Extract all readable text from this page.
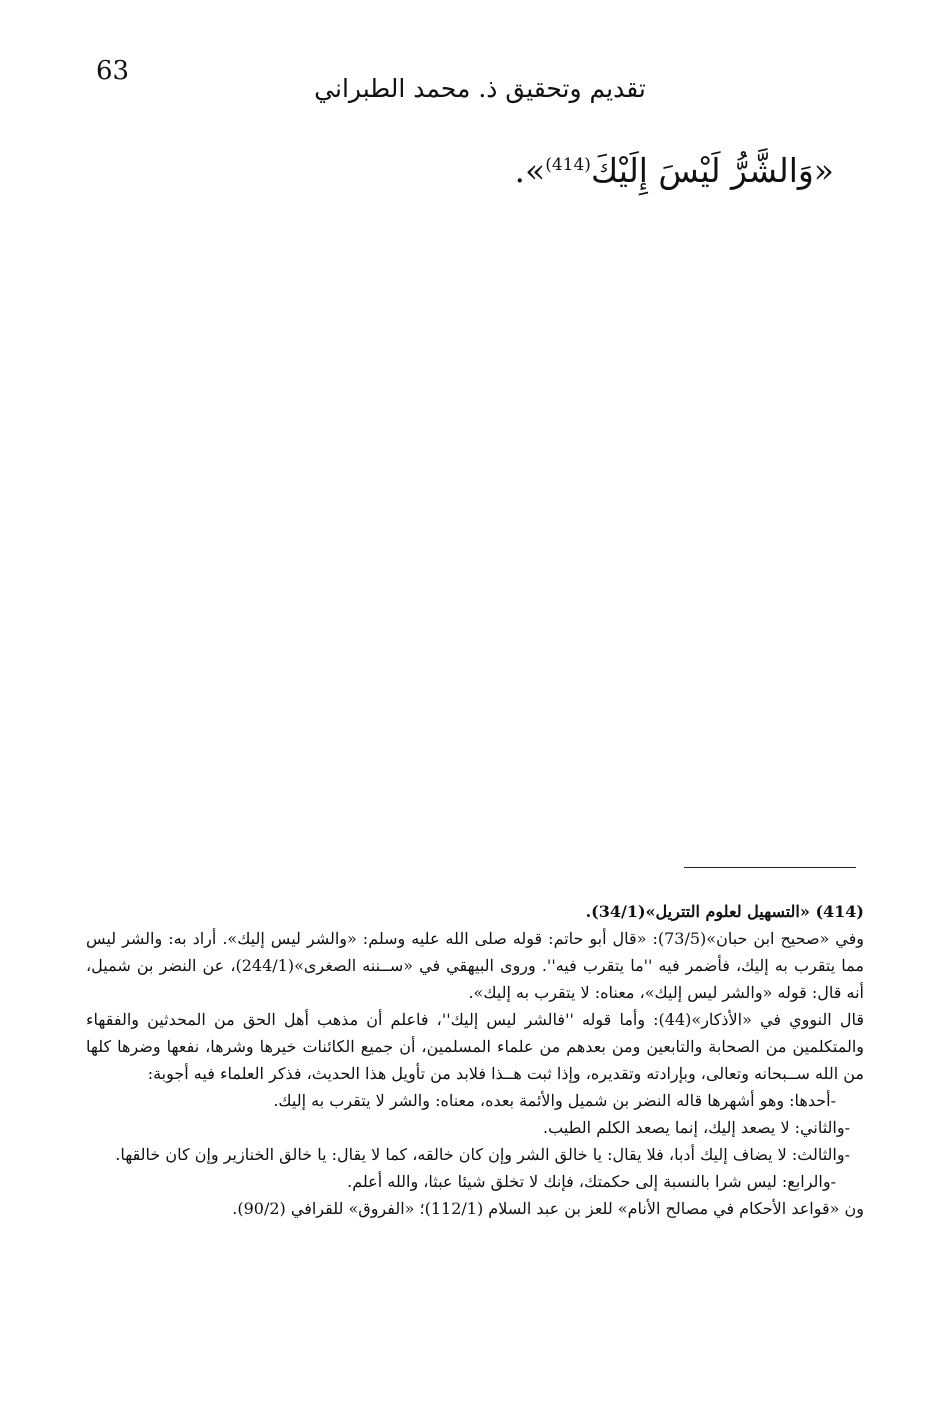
63
تقديم وتحقيق ذ. محمد الطبراني
«وَالشَّرُّ لَيْسَ إِلَيْكَ$^{(414)}$».

(414) «التسهيل لعلوم التتريل»(34/1).

وفي «صحيح ابن حبان»(73/5): «قال أبو حاتم: قوله صلى الله عليه وسلم: «والشر ليس إليك». أراد به: والشر ليس مما يتقرب به إليك، فأضمر فيه ''ما يتقرب فيه''. وروى البيهقي في «ســننه الصغرى»(244/1)، عن النضر بن شميل، أنه قال: قوله «والشر ليس إليك»، معناه: لا يتقرب به إليك».

قال النووي في «الأذكار»(44): وأما قوله ''فالشر ليس إليك''، فاعلم أن مذهب أهل الحق من المحدثين والفقهاء والمتكلمين من الصحابة والتابعين ومن بعدهم من علماء المسلمين، أن جميع الكائنات خيرها وشرها، نفعها وضرها كلها من الله ســبحانه وتعالى، وبإرادته وتقديره، وإذا ثبت هــذا فلابد من تأويل هذا الحديث، فذكر العلماء فيه أجوبة:

-أحدها: وهو أشهرها قاله النضر بن شميل والأئمة بعده، معناه: والشر لا يتقرب به إليك.

-والثاني: لا يصعد إليك، إنما يصعد الكلم الطيب.

-والثالث: لا يضاف إليك أدبا، فلا يقال: يا خالق الشر وإن كان خالقه، كما لا يقال: يا خالق الخنازير وإن كان خالقها.

-والرابع: ليس شرا بالنسبة إلى حكمتك، فإنك لا تخلق شيئا عبثا، والله أعلم.

ون «قواعد الأحكام في مصالح الأنام» للعز بن عبد السلام (112/1)؛ «الفروق» للقرافي (90/2).
